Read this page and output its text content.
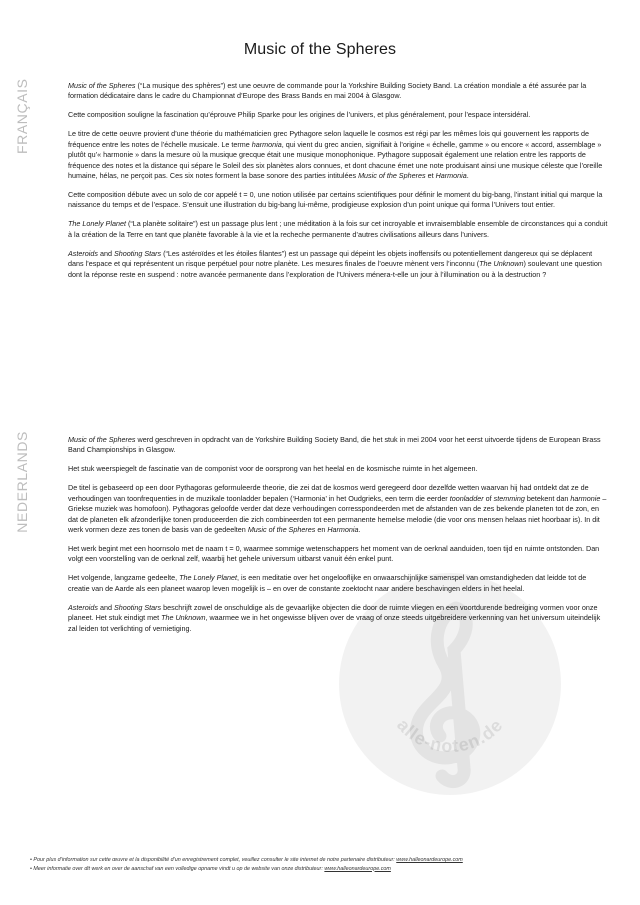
Music of the Spheres
FRANÇAIS	Music of the Spheres (“La musique des sphères”) est une oeuvre de commande pour la Yorkshire Building Society Band. La création mondiale a été assurée par la formation dédicataire dans le cadre du Championnat d’Europe des Brass Bands en mai 2004 à Glasgow.

Cette composition souligne la fascination qu’éprouve Philip Sparke pour les origines de l’univers, et plus généralement, pour l’espace intersidéral.

Le titre de cette oeuvre provient d’une théorie du mathématicien grec Pythagore selon laquelle le cosmos est régi par les mêmes lois qui gouvernent les rapports de fréquence entre les notes de l’échelle musicale. Le terme harmonia, qui vient du grec ancien, signifiait à l’origine « échelle, gamme » ou encore « accord, assemblage » plutôt qu’« harmonie » dans la mesure où la musique grecque était une musique monophonique. Pythagore supposait également une relation entre les rapports de fréquence des notes et la distance qui sépare le Soleil des six planètes alors connues, et dont chacune émet une note produisant ainsi une musique céleste que l’oreille humaine, hélas, ne perçoit pas. Ces six notes forment la base sonore des parties intitulées Music of the Spheres et Harmonia.

Cette composition débute avec un solo de cor appelé t = 0, une notion utilisée par certains scientifiques pour définir le moment du big-bang, l’instant initial qui marque la naissance du temps et de l’espace. S’ensuit une illustration du big-bang lui-même, prodigieuse explosion d’un point unique qui forma l’Univers tout entier.

The Lonely Planet (“La planète solitaire”) est un passage plus lent ; une méditation à la fois sur cet incroyable et invraisemblable ensemble de circonstances qui a conduit à la création de la Terre en tant que planète favorable à la vie et la recheche permanente d’autres civilisations ailleurs dans l’univers.

Asteroids and Shooting Stars (“Les astéroïdes et les étoiles filantes”) est un passage qui dépeint les objets inoffensifs ou potentiellement dangereux qui se déplacent dans l’espace et qui représentent un risque perpétuel pour notre planète. Les mesures finales de l’oeuvre mènent vers l’inconnu (The Unknown) soulevant une question dont la réponse reste en suspend : notre avancée permanente dans l’exploration de l’Univers ménera-t-elle un jour à l’illumination ou à la destruction ?

NEDERLANDS	Music of the Spheres werd geschreven in opdracht van de Yorkshire Building Society Band, die het stuk in mei 2004 voor het eerst uitvoerde tijdens de European Brass Band Championships in Glasgow.

Het stuk weerspiegelt de fascinatie van de componist voor de oorsprong van het heelal en de kosmische ruimte in het algemeen.

De titel is gebaseerd op een door Pythagoras geformuleerde theorie, die zei dat de kosmos werd geregeerd door dezelfde wetten waarvan hij had ontdekt dat ze de verhoudingen van toonfrequenties in de muzikale toonladder bepalen (‘Harmonia’ in het Oudgrieks, een term die eerder toonladder of stemming betekent dan harmonie – Griekse muziek was homofoon). Pythagoras geloofde verder dat deze verhoudingen corresspondeerden met de afstanden van de zes bekende planeten tot de zon, en dat de planeten elk afzonderlijke tonen produceerden die zich combineerden tot een permanente hemelse melodie (die voor ons mensen helaas niet hoorbaar is). In dit werk vormen deze zes tonen de basis van de gedeelten Music of the Spheres en Harmonia.

Het werk begint met een hoornsolo met de naam t = 0, waarmee sommige wetenschappers het moment van de oerknal aanduiden, toen tijd en ruimte ontstonden. Dan volgt een voorstelling van de oerknal zelf, waarbij het gehele universum uitbarst vanuit één enkel punt.

Het volgende, langzame gedeelte, The Lonely Planet, is een meditatie over het ongelooflijke en onwaarschijnlijke samenspel van omstandigheden dat leidde tot de creatie van de Aarde als een planeet waarop leven mogelijk is – en over de constante zoektocht naar andere beschavingen elders in het heelal.

Asteroids and Shooting Stars beschrijft zowel de onschuldige als de gevaarlijke objecten die door de ruimte vliegen en een voortdurende bedreiging vormen voor onze planeet. Het stuk eindigt met The Unknown, waarmee we in het ongewisse blijven over de vraag of onze steeds uitgebreidere verkenning van het universum uiteindelijk zal leiden tot verlichting of vernietiging.

alle-noten.de
• Pour plus d’information sur cette œuvre et la disponibilité d’un enregistrement complet, veuillez consulter le site internet de notre partenaire distributeur: www.halleonardeurope.com
• Meer informatie over dit werk en over de aanschaf van een volledige opname vindt u op de website van onze distributeur: www.halleonardeurope.com
